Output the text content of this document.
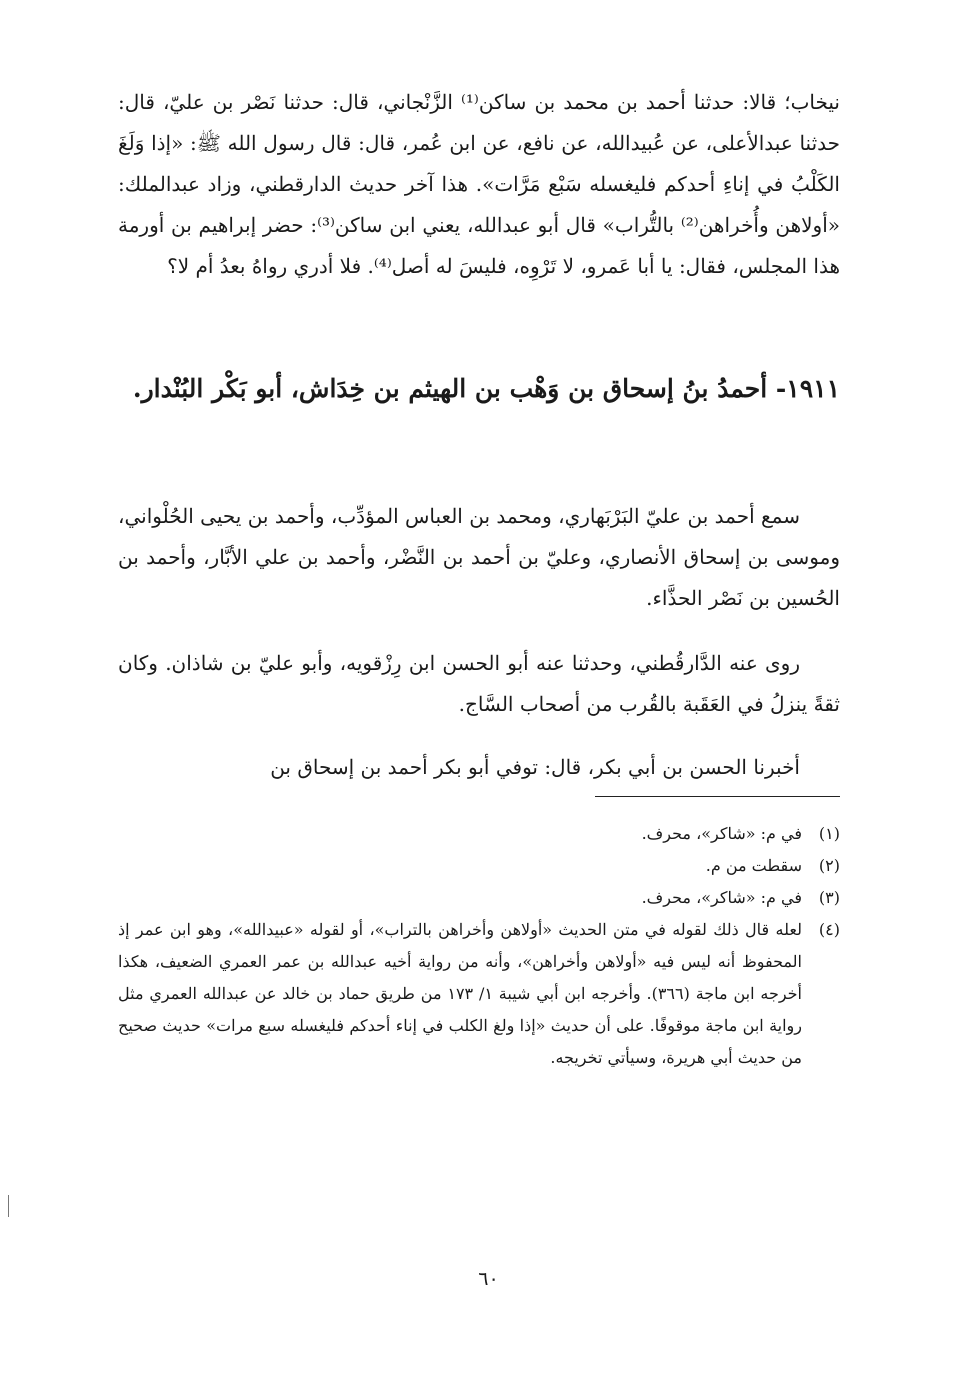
نيخاب؛ قالا: حدثنا أحمد بن محمد بن ساكن⁽¹⁾ الزَّنْجاني، قال: حدثنا نَصْر بن عليّ، قال: حدثنا عبدالأعلى، عن عُبيدالله، عن نافع، عن ابن عُمر، قال: قال رسول الله ﷺ: «إذا وَلَغَ الكَلْبُ في إناءِ أحدكم فليغسله سَبْع مَرَّات». هذا آخر حديث الدارقطني، وزاد عبدالملك: «أولاهن وأُخراهن⁽²⁾ بالتُّراب» قال أبو عبدالله، يعني ابن ساكن⁽³⁾: حضر إبراهيم بن أورمة هذا المجلس، فقال: يا أبا عَمرو، لا تَرْوِه، فليسَ له أصل⁽⁴⁾. فلا أدري رواهُ بعدُ أم لا؟

١٩١١- أحمدُ بنُ إسحاق بن وَهْب بن الهيثم بن خِدَاش، أبو بَكْر البُنْدار.

سمع أحمد بن عليّ البَرْبَهاري، ومحمد بن العباس المؤدِّب، وأحمد بن يحيى الحُلْواني، وموسى بن إسحاق الأنصاري، وعليّ بن أحمد بن النَّضْر، وأحمد بن علي الأبَّار، وأحمد بن الحُسين بن نَصْر الحذَّاء.

روى عنه الدَّارقُطني، وحدثنا عنه أبو الحسن ابن رِزْقويه، وأبو عليّ بن شاذان. وكان ثقةً ينزلُ في العَقَبة بالقُرب من أصحاب السَّاج.

أخبرنا الحسن بن أبي بكر، قال: توفي أبو بكر أحمد بن إسحاق بن

(١)
في م: «شاكر»، محرف.
(٢)
سقطت من م.
(٣)
في م: «شاكر»، محرف.
(٤)
لعله قال ذلك لقوله في متن الحديث «أولاهن وأخراهن بالتراب»، أو لقوله «عبيدالله»، وهو ابن عمر إذ المحفوظ أنه ليس فيه «أولاهن وأخراهن»، وأنه من رواية أخيه عبدالله بن عمر العمري الضعيف، هكذا أخرجه ابن ماجة (٣٦٦). وأخرجه ابن أبي شيبة ١/ ١٧٣ من طريق حماد بن خالد عن عبدالله العمري مثل رواية ابن ماجة موقوفًا. على أن حديث «إذا ولغ الكلب في إناء أحدكم فليغسله سبع مرات» حديث صحيح من حديث أبي هريرة، وسيأتي تخريجه.
٦٠
